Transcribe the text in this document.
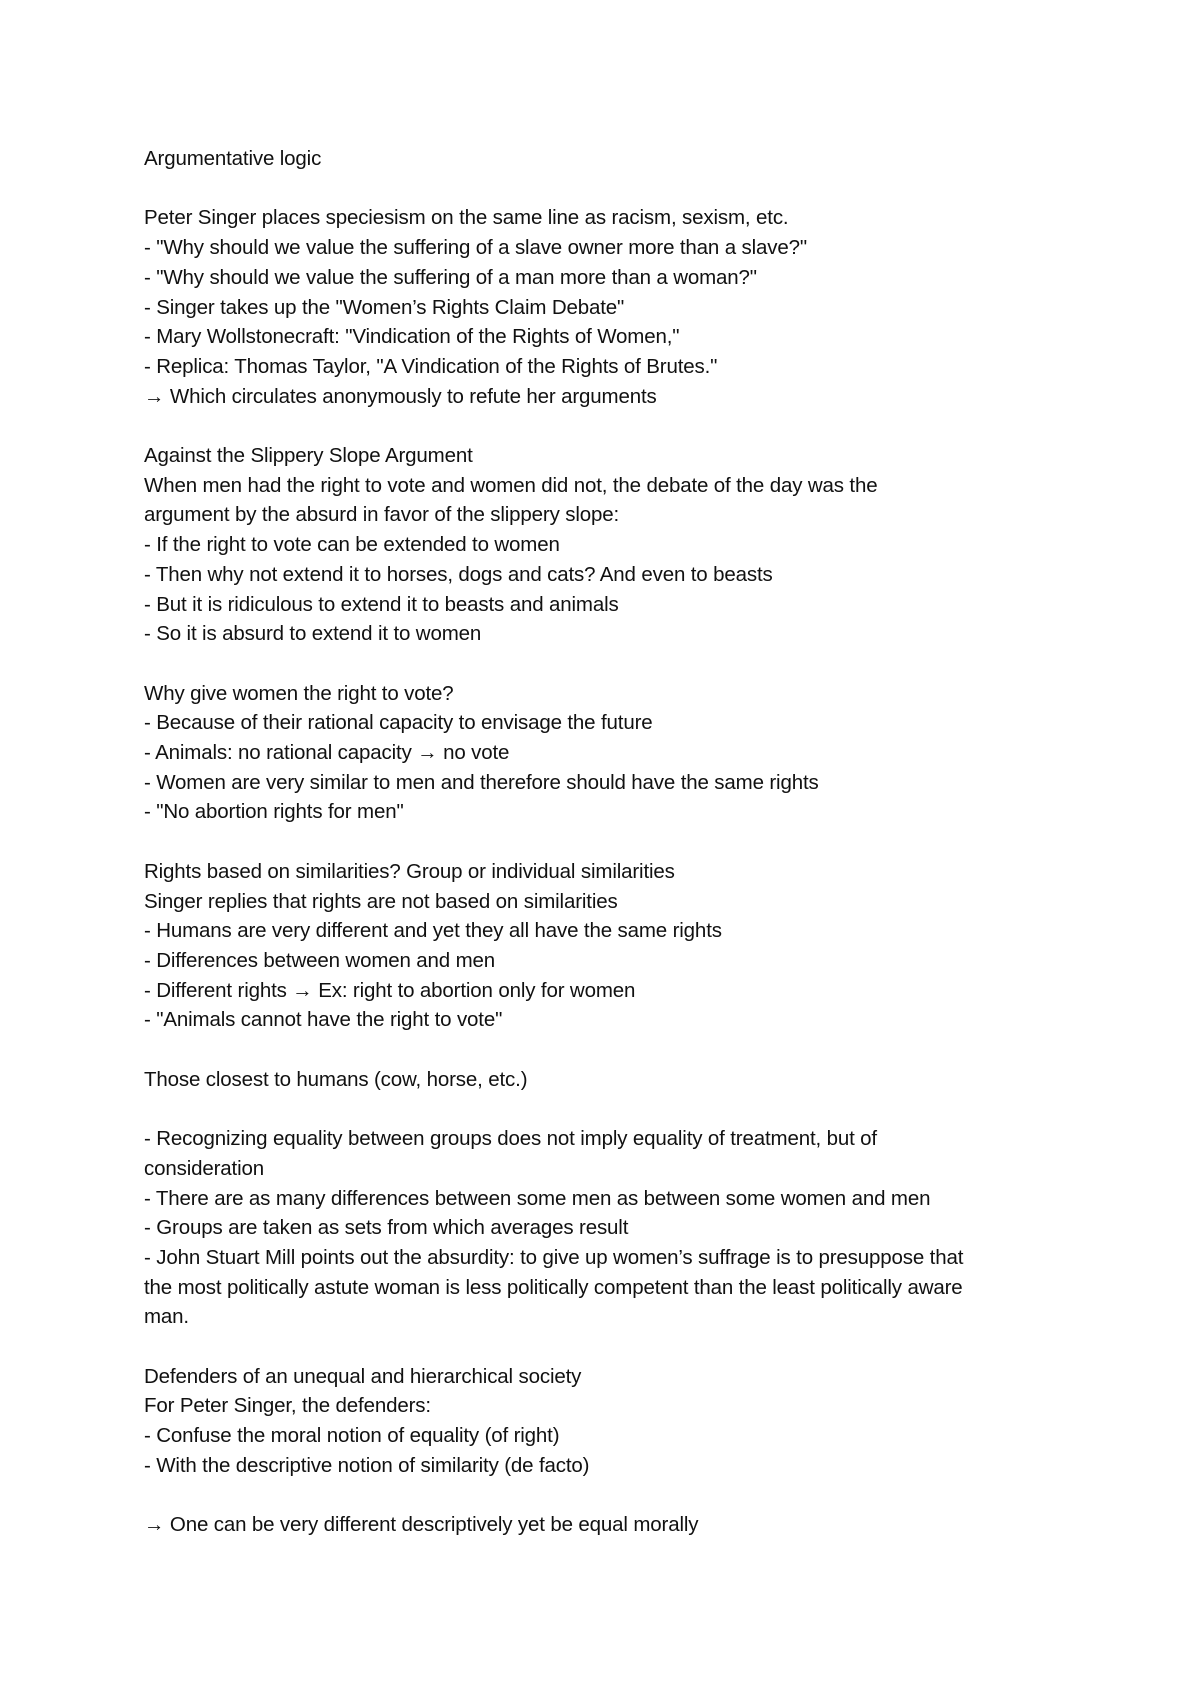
Argumentative logic
Peter Singer places speciesism on the same line as racism, sexism, etc.
- "Why should we value the suffering of a slave owner more than a slave?"
- "Why should we value the suffering of a man more than a woman?"
- Singer takes up the "Women’s Rights Claim Debate"
- Mary Wollstonecraft: "Vindication of the Rights of Women,"
- Replica: Thomas Taylor, "A Vindication of the Rights of Brutes."
→ Which circulates anonymously to refute her arguments
Against the Slippery Slope Argument
When men had the right to vote and women did not, the debate of the day was the
argument by the absurd in favor of the slippery slope:
- If the right to vote can be extended to women
- Then why not extend it to horses, dogs and cats? And even to beasts
- But it is ridiculous to extend it to beasts and animals
- So it is absurd to extend it to women
Why give women the right to vote?
- Because of their rational capacity to envisage the future
- Animals: no rational capacity → no vote
- Women are very similar to men and therefore should have the same rights
- "No abortion rights for men"
Rights based on similarities? Group or individual similarities
Singer replies that rights are not based on similarities
- Humans are very different and yet they all have the same rights
- Differences between women and men
- Different rights → Ex: right to abortion only for women
- "Animals cannot have the right to vote"
Those closest to humans (cow, horse, etc.)
- Recognizing equality between groups does not imply equality of treatment, but of
consideration
- There are as many differences between some men as between some women and men
- Groups are taken as sets from which averages result
- John Stuart Mill points out the absurdity: to give up women’s suffrage is to presuppose that
the most politically astute woman is less politically competent than the least politically aware
man.
Defenders of an unequal and hierarchical society
For Peter Singer, the defenders:
- Confuse the moral notion of equality (of right)
- With the descriptive notion of similarity (de facto)
→ One can be very different descriptively yet be equal morally
